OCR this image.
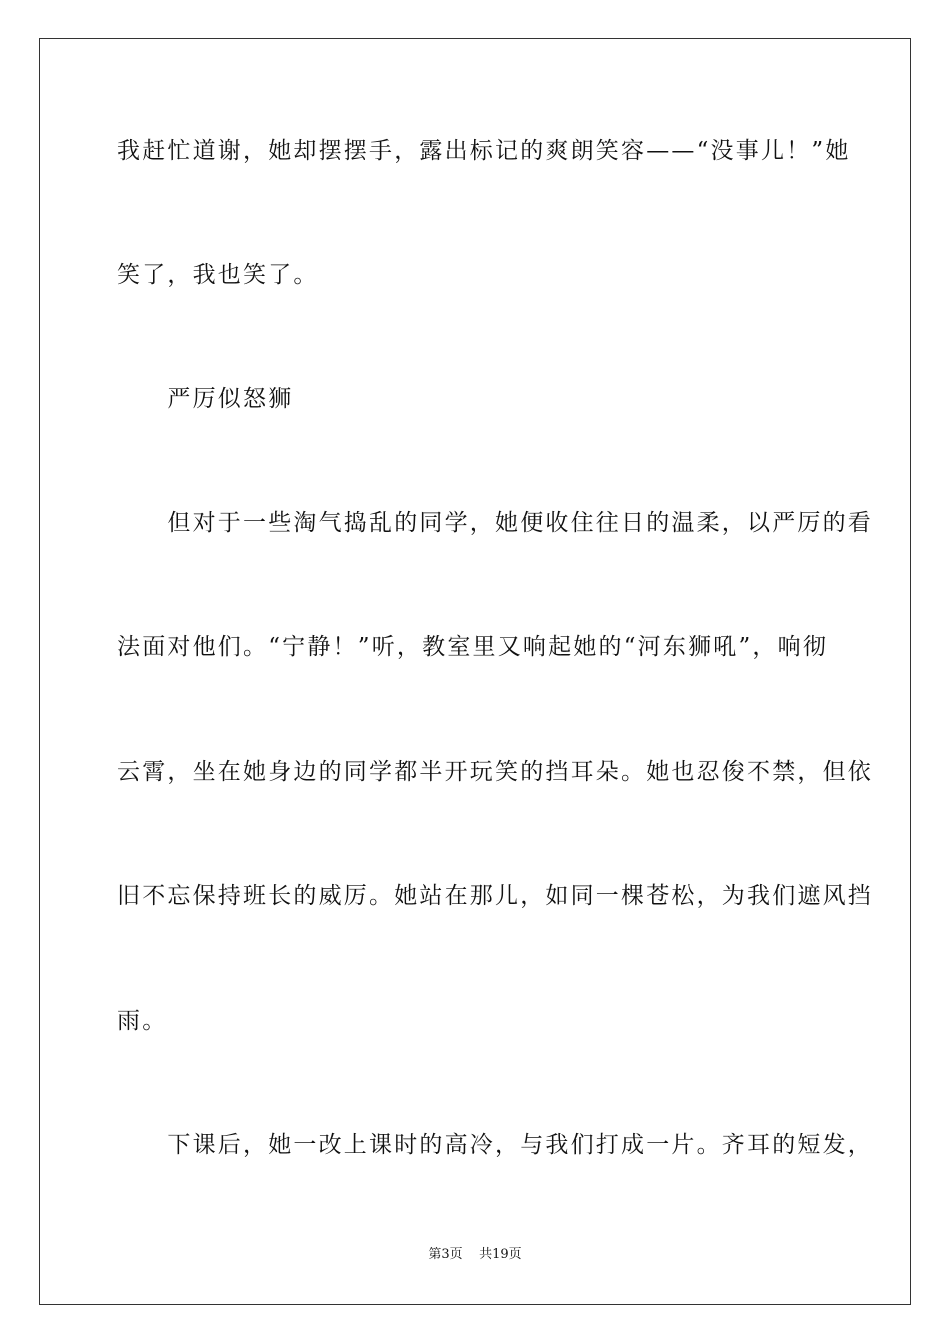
我赶忙道谢，她却摆摆手，露出标记的爽朗笑容——“没事儿！”她
笑了，我也笑了。
　　严厉似怒狮
　　但对于一些淘气捣乱的同学，她便收住往日的温柔，以严厉的看
法面对他们。“宁静！”听，教室里又响起她的“河东狮吼”，响彻
云霄，坐在她身边的同学都半开玩笑的挡耳朵。她也忍俊不禁，但依
旧不忘保持班长的威厉。她站在那儿，如同一棵苍松，为我们遮风挡
雨。
　　下课后，她一改上课时的高冷，与我们打成一片。齐耳的短发，
第3页 共19页
